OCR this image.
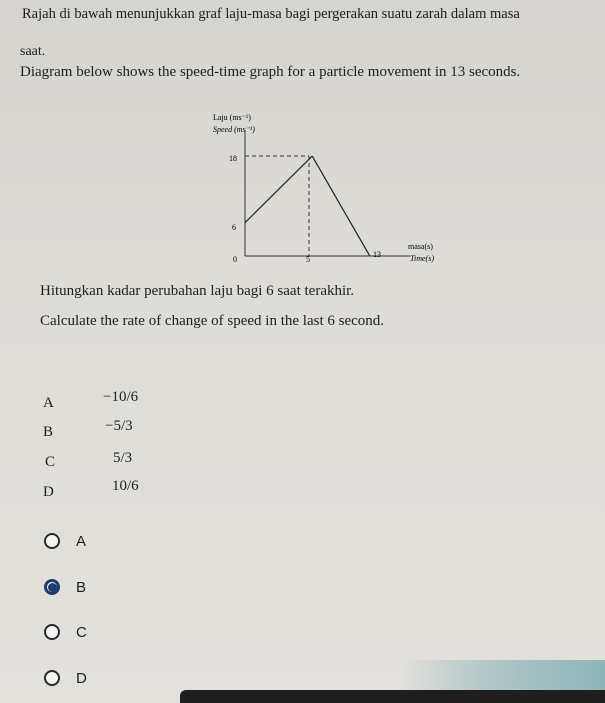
Rajah di bawah menunjukkan graf laju-masa bagi pergerakan suatu zarah dalam masa
saat.
Diagram below shows the speed-time graph for a particle movement in 13 seconds.
Laju (ms⁻¹)
Speed (ms⁻¹)
18
6
0	5
13
masa(s)
Time(s)
Hitungkan kadar perubahan laju bagi 6 saat terakhir.
Calculate the rate of change of speed in the last 6 second.
A	−10/6
B	−5/3
C	5/3
D	10/6
A
B
C
D
